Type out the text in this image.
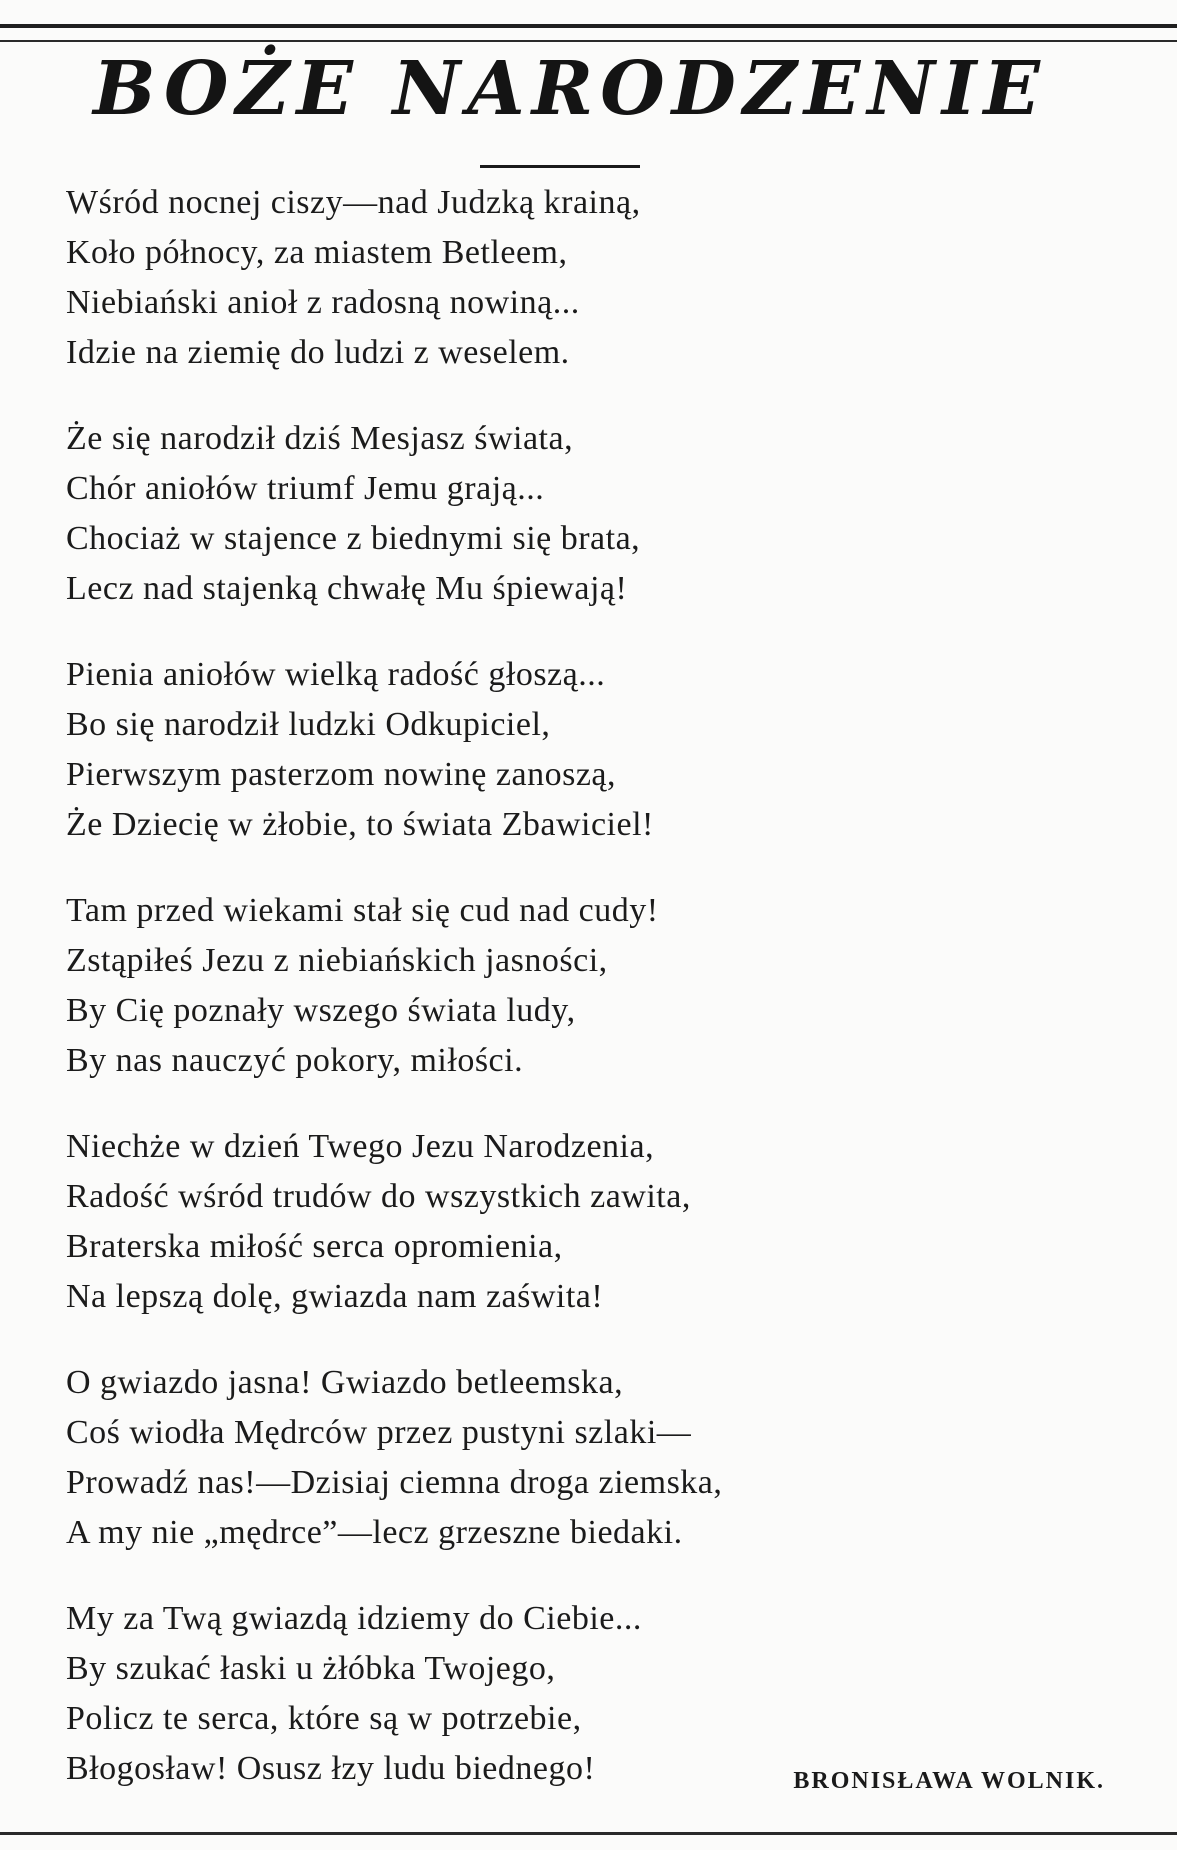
BOŻE NARODZENIE
Wśród nocnej ciszy—nad Judzką krainą,
Koło północy, za miastem Betleem,
Niebiański anioł z radosną nowiną...
Idzie na ziemię do ludzi z weselem.
Że się narodził dziś Mesjasz świata,
Chór aniołów triumf Jemu grają...
Chociaż w stajence z biednymi się brata,
Lecz nad stajenką chwałę Mu śpiewają!
Pienia aniołów wielką radość głoszą...
Bo się narodził ludzki Odkupiciel,
Pierwszym pasterzom nowinę zanoszą,
Że Dziecię w żłobie, to świata Zbawiciel!
Tam przed wiekami stał się cud nad cudy!
Zstąpiłeś Jezu z niebiańskich jasności,
By Cię poznały wszego świata ludy,
By nas nauczyć pokory, miłości.
Niechże w dzień Twego Jezu Narodzenia,
Radość wśród trudów do wszystkich zawita,
Braterska miłość serca opromienia,
Na lepszą dolę, gwiazda nam zaświta!
O gwiazdo jasna! Gwiazdo betleemska,
Coś wiodła Mędrców przez pustyni szlaki—
Prowadź nas!—Dzisiaj ciemna droga ziemska,
A my nie „mędrce”—lecz grzeszne biedaki.
My za Twą gwiazdą idziemy do Ciebie...
By szukać łaski u żłóbka Twojego,
Policz te serca, które są w potrzebie,
Błogosław! Osusz łzy ludu biednego!	BRONISŁAWA WOLNIK.
